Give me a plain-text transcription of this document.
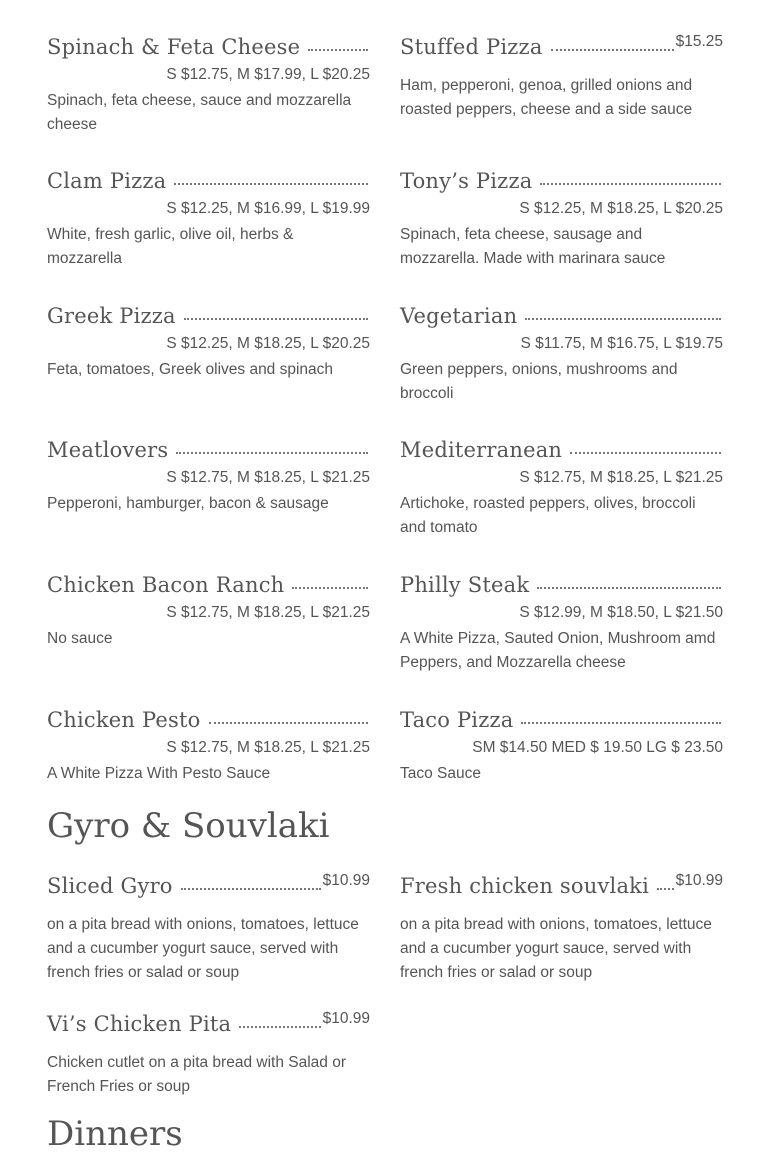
Spinach & Feta Cheese
S $12.75, M $17.99, L $20.25
Spinach, feta cheese, sauce and mozzarella cheese
Clam Pizza
S $12.25, M $16.99, L $19.99
White, fresh garlic, olive oil, herbs & mozzarella
Greek Pizza
S $12.25, M $18.25, L $20.25
Feta, tomatoes, Greek olives and spinach
Meatlovers
S $12.75, M $18.25, L $21.25
Pepperoni, hamburger, bacon & sausage
Chicken Bacon Ranch
S $12.75, M $18.25, L $21.25
No sauce
Chicken Pesto
S $12.75, M $18.25, L $21.25
A White Pizza With Pesto Sauce
Stuffed Pizza	$15.25
Ham, pepperoni, genoa, grilled onions and roasted peppers, cheese and a side sauce
Tony’s Pizza
S $12.25, M $18.25, L $20.25
Spinach, feta cheese, sausage and mozzarella. Made with marinara sauce
Vegetarian
S $11.75, M $16.75, L $19.75
Green peppers, onions, mushrooms and broccoli
Mediterranean
S $12.75, M $18.25, L $21.25
Artichoke, roasted peppers, olives, broccoli and tomato
Philly Steak
S $12.99, M $18.50, L $21.50
A White Pizza, Sauted Onion, Mushroom amd Peppers, and Mozzarella cheese
Taco Pizza
SM $14.50 MED $ 19.50 LG $ 23.50
Taco Sauce
Gyro & Souvlaki
Sliced Gyro	$10.99
on a pita bread with onions, tomatoes, lettuce and a cucumber yogurt sauce, served with french fries or salad or soup
Fresh chicken souvlaki $10.99
on a pita bread with onions, tomatoes, lettuce and a cucumber yogurt sauce, served with french fries or salad or soup
Vi’s Chicken Pita	$10.99
Chicken cutlet on a pita bread with Salad or French Fries or soup
Dinners
